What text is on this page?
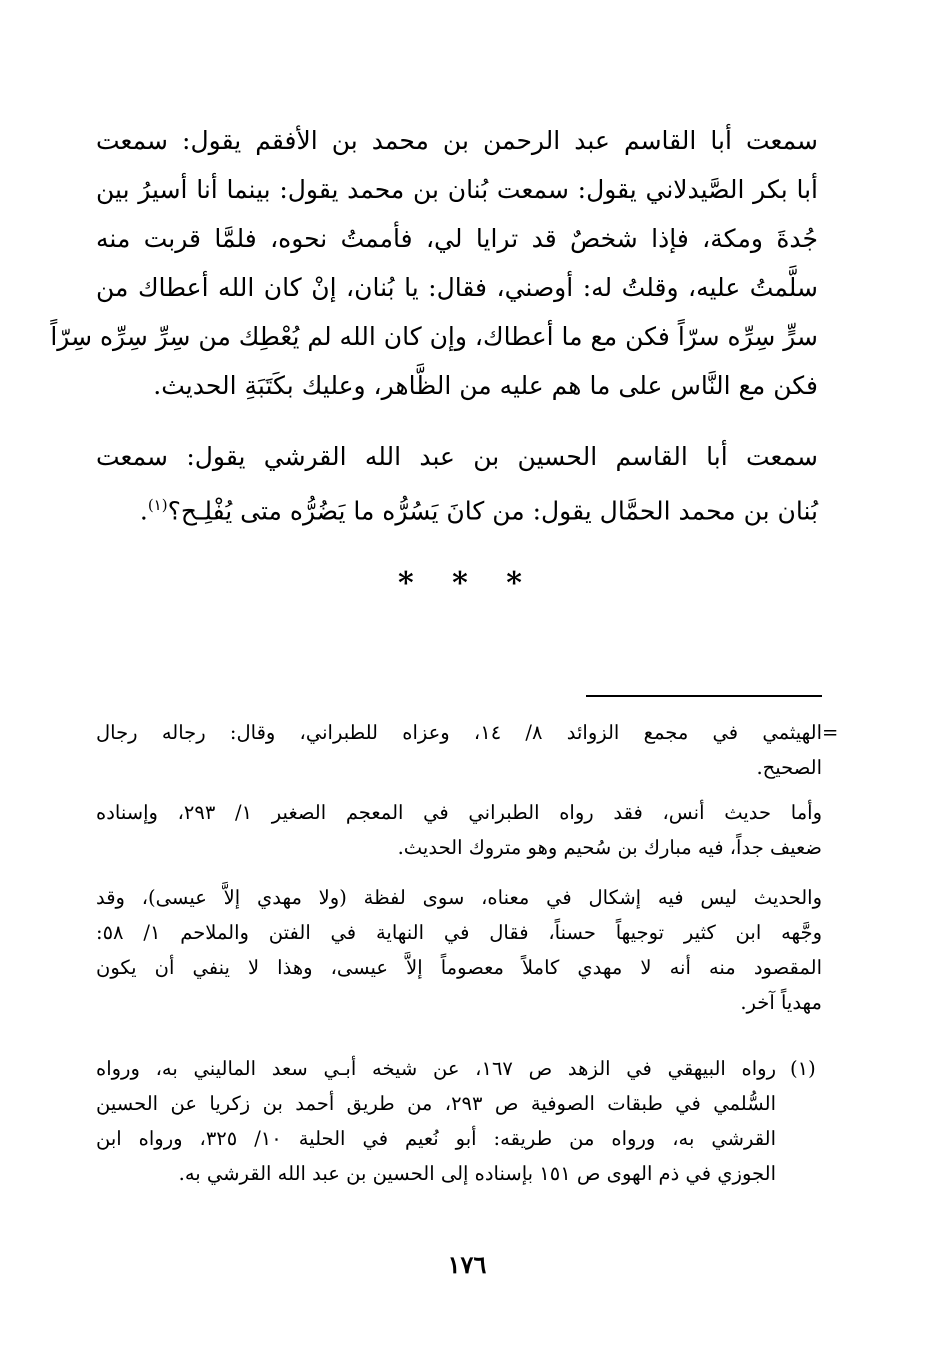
سمعت أبا القاسم عبد الرحمن بن محمد بن الأفقم يقول: سمعت
أبا بكر الصَّيدلاني يقول: سمعت بُنان بن محمد يقول: بينما أنا أسيرُ بين
جُدةَ ومكة، فإذا شخصٌ قد ترايا لي، فأممتُ نحوه، فلمَّا قربت منه
سلَّمتُ عليه، وقلتُ له: أوصني، فقال: يا بُنان، إنْ كان الله أعطاك من
سرٍّ سِرِّه سرّاً فكن مع ما أعطاك، وإن كان الله لم يُعْطِك من سِرِّ سِرِّه سِرّاً
فكن مع النَّاس على ما هم عليه من الظَّاهر، وعليك بكَتَبَةِ الحديث.
سمعت أبا القاسم الحسين بن عبد الله القرشي يقول: سمعت
بُنان بن محمد الحمَّال يقول: من كانَ يَسُرُّه ما يَضُرُّه متى يُفْلِـح؟$^{(١)}$.
* * *
=
الهيثمي في مجمع الزوائد ٨/ ١٤، وعزاه للطبراني، وقال: رجاله رجال
الصحيح.
وأما حديث أنس، فقد رواه الطبراني في المعجم الصغير ١/ ٢٩٣، وإسناده
ضعيف جداً، فيه مبارك بن سُحيم وهو متروك الحديث.
والحديث ليس فيه إشكال في معناه، سوى لفظة (ولا مهدي إلاَّ عيسى)، وقد
وجَّهه ابن كثير توجيهاً حسناً، فقال في النهاية في الفتن والملاحم ١/ ٥٨:
المقصود منه أنه لا مهدي كاملاً معصوماً إلاَّ عيسى، وهذا لا ينفي أن يكون
مهدياً آخر.
(١)
رواه البيهقي في الزهد ص ١٦٧، عن شيخه أبـي سعد الماليني به، ورواه
السُّلمي في طبقات الصوفية ص ٢٩٣، من طريق أحمد بن زكريا عن الحسين
القرشي به، ورواه من طريقه: أبو نُعيم في الحلية ١٠/ ٣٢٥، ورواه ابن
الجوزي في ذم الهوى ص ١٥١ بإسناده إلى الحسين بن عبد الله القرشي به.
١٧٦
